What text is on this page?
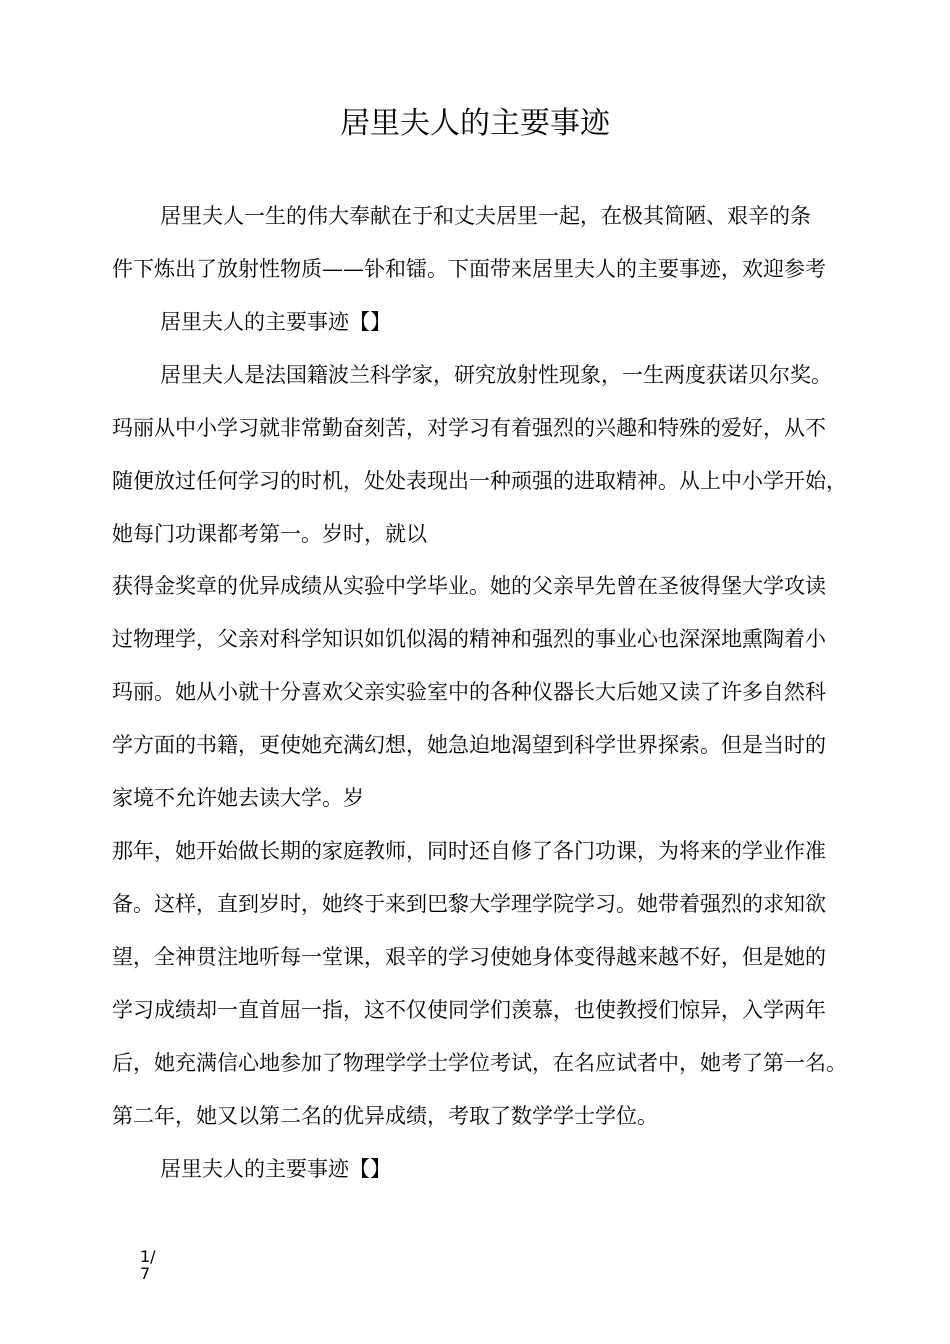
居里夫人的主要事迹
居里夫人一生的伟大奉献在于和丈夫居里一起，在极其简陋、艰辛的条
件下炼出了放射性物质——钋和镭。下面带来居里夫人的主要事迹，欢迎参考
居里夫人的主要事迹【】
居里夫人是法国籍波兰科学家，研究放射性现象，一生两度获诺贝尔奖。
玛丽从中小学习就非常勤奋刻苦，对学习有着强烈的兴趣和特殊的爱好，从不
随便放过任何学习的时机，处处表现出一种顽强的进取精神。从上中小学开始，
她每门功课都考第一。岁时，就以
获得金奖章的优异成绩从实验中学毕业。她的父亲早先曾在圣彼得堡大学攻读
过物理学，父亲对科学知识如饥似渴的精神和强烈的事业心也深深地熏陶着小
玛丽。她从小就十分喜欢父亲实验室中的各种仪器长大后她又读了许多自然科
学方面的书籍，更使她充满幻想，她急迫地渴望到科学世界探索。但是当时的
家境不允许她去读大学。岁
那年，她开始做长期的家庭教师，同时还自修了各门功课，为将来的学业作准
备。这样，直到岁时，她终于来到巴黎大学理学院学习。她带着强烈的求知欲
望，全神贯注地听每一堂课，艰辛的学习使她身体变得越来越不好，但是她的
学习成绩却一直首屈一指，这不仅使同学们羡慕，也使教授们惊异，入学两年
后，她充满信心地参加了物理学学士学位考试，在名应试者中，她考了第一名。
第二年，她又以第二名的优异成绩，考取了数学学士学位。
居里夫人的主要事迹【】
1/7
